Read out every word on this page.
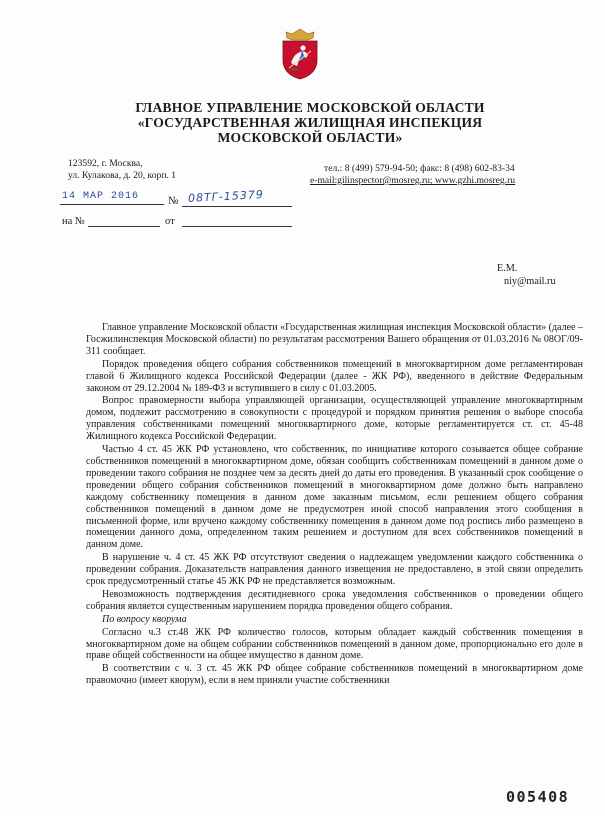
ГЛАВНОЕ УПРАВЛЕНИЕ МОСКОВСКОЙ ОБЛАСТИ
«ГОСУДАРСТВЕННАЯ ЖИЛИЩНАЯ ИНСПЕКЦИЯ
МОСКОВСКОЙ ОБЛАСТИ»
123592, г. Москва,
ул. Кулакова, д. 20, корп. 1
тел.: 8 (499) 579-94-50; факс: 8 (498) 602-83-34
e-mail:gilinspector@mosreg.ru; www.gzhi.mosreg.ru
14 МАР 2016	№ 08ТГ-15379
на №	от
Е.М.
niy@mail.ru

Главное управление Московской области «Государственная жилищная инспекция Московской области» (далее – Госжилинспекция Московской области) по результатам рассмотрения Вашего обращения от 01.03.2016 № 08ОГ/09-311 сообщает.

Порядок проведения общего собрания собственников помещений в многоквартирном доме регламентирован главой 6 Жилищного кодекса Российской Федерации (далее - ЖК РФ), введенного в действие Федеральным законом от 29.12.2004 № 189-ФЗ и вступившего в силу с 01.03.2005.

Вопрос правомерности выбора управляющей организации, осуществляющей управление многоквартирным домом, подлежит рассмотрению в совокупности с процедурой и порядком принятия решения о выборе способа управления собственниками помещений многоквартирного доме, которые регламентируется ст. ст. 45-48 Жилищного кодекса Российской Федерации.

Частью 4 ст. 45 ЖК РФ установлено, что собственник, по инициативе которого созывается общее собрание собственников помещений в многоквартирном доме, обязан сообщить собственникам помещений в данном доме о проведении такого собрания не позднее чем за десять дней до даты его проведения. В указанный срок сообщение о проведении общего собрания собственников помещений в многоквартирном доме должно быть направлено каждому собственнику помещения в данном доме заказным письмом, если решением общего собрания собственников помещений в данном доме не предусмотрен иной способ направления этого сообщения в письменной форме, или вручено каждому собственнику помещения в данном доме под роспись либо размещено в помещении данного дома, определенном таким решением и доступном для всех собственников помещений в данном доме.

В нарушение ч. 4 ст. 45 ЖК РФ отсутствуют сведения о надлежащем уведомлении каждого собственника о проведении собрания. Доказательств направления данного извещения не предоставлено, в этой связи определить срок предусмотренный статье 45 ЖК РФ не представляется возможным.

Невозможность подтверждения десятидневного срока уведомления собственников о проведении общего собрания является существенным нарушением порядка проведения общего собрания.

По вопросу кворума

Согласно ч.3 ст.48 ЖК РФ количество голосов, которым обладает каждый собственник помещения в многоквартирном доме на общем собрании собственников помещений в данном доме, пропорционально его доле в праве общей собственности на общее имущество в данном доме.

В соответствии с ч. 3 ст. 45 ЖК РФ общее собрание собственников помещений в многоквартирном доме правомочно (имеет кворум), если в нем приняли участие собственники

005408
